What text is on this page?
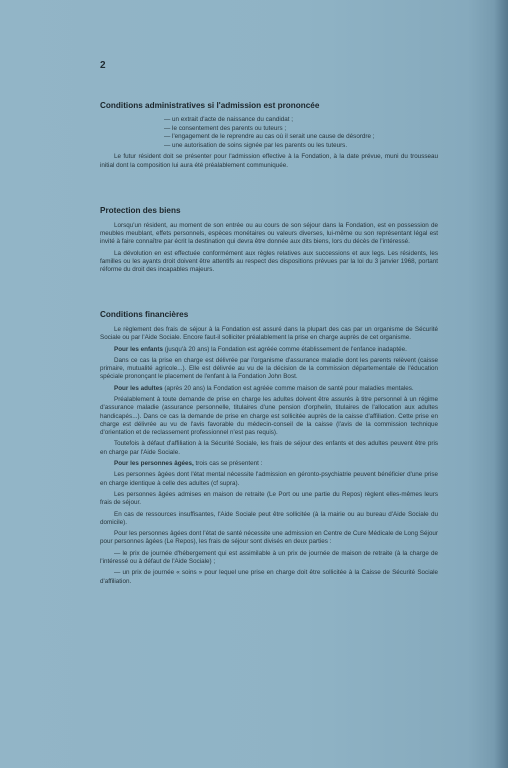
2
Conditions administratives si l'admission est prononcée
— un extrait d'acte de naissance du candidat ;
— le consentement des parents ou tuteurs ;
— l'engagement de le reprendre au cas où il serait une cause de désordre ;
— une autorisation de soins signée par les parents ou les tuteurs.

Le futur résident doit se présenter pour l'admission effective à la Fondation, à la date prévue, muni du trousseau initial dont la composition lui aura été préalablement communiquée.

Protection des biens

Lorsqu'un résident, au moment de son entrée ou au cours de son séjour dans la Fondation, est en possession de meubles meublant, effets personnels, espèces monétaires ou valeurs diverses, lui-même ou son représentant légal est invité à faire connaître par écrit la destination qui devra être donnée aux dits biens, lors du décès de l'intéressé.

La dévolution en est effectuée conformément aux règles relatives aux successions et aux legs. Les résidents, les familles ou les ayants droit doivent être attentifs au respect des dispositions prévues par la loi du 3 janvier 1968, portant réforme du droit des incapables majeurs.

Conditions financières

Le règlement des frais de séjour à la Fondation est assuré dans la plupart des cas par un organisme de Sécurité Sociale ou par l'Aide Sociale. Encore faut-il solliciter préalablement la prise en charge auprès de cet organisme.

Pour les enfants (jusqu'à 20 ans) la Fondation est agréée comme établissement de l'enfance inadaptée.

Dans ce cas la prise en charge est délivrée par l'organisme d'assurance maladie dont les parents relèvent (caisse primaire, mutualité agricole...). Elle est délivrée au vu de la décision de la commission départementale de l'éducation spéciale prononçant le placement de l'enfant à la Fondation John Bost.

Pour les adultes (après 20 ans) la Fondation est agréée comme maison de santé pour maladies mentales.

Préalablement à toute demande de prise en charge les adultes doivent être assurés à titre personnel à un régime d'assurance maladie (assurance personnelle, titulaires d'une pension d'orphelin, titulaires de l'allocation aux adultes handicapés...). Dans ce cas la demande de prise en charge est sollicitée auprès de la caisse d'affiliation. Cette prise en charge est délivrée au vu de l'avis favorable du médecin-conseil de la caisse (l'avis de la commission technique d'orientation et de reclassement professionnel n'est pas requis).

Toutefois à défaut d'affiliation à la Sécurité Sociale, les frais de séjour des enfants et des adultes peuvent être pris en charge par l'Aide Sociale.

Pour les personnes âgées, trois cas se présentent :

Les personnes âgées dont l'état mental nécessite l'admission en géronto-psychiatrie peuvent bénéficier d'une prise en charge identique à celle des adultes (cf supra).

Les personnes âgées admises en maison de retraite (Le Port ou une partie du Repos) règlent elles-mêmes leurs frais de séjour.

En cas de ressources insuffisantes, l'Aide Sociale peut être sollicitée (à la mairie ou au bureau d'Aide Sociale du domicile).

Pour les personnes âgées dont l'état de santé nécessite une admission en Centre de Cure Médicale de Long Séjour pour personnes âgées (Le Repos), les frais de séjour sont divisés en deux parties :

— le prix de journée d'hébergement qui est assimilable à un prix de journée de maison de retraite (à la charge de l'intéressé ou à défaut de l'Aide Sociale) ;

— un prix de journée « soins » pour lequel une prise en charge doit être sollicitée à la Caisse de Sécurité Sociale d'affiliation.
